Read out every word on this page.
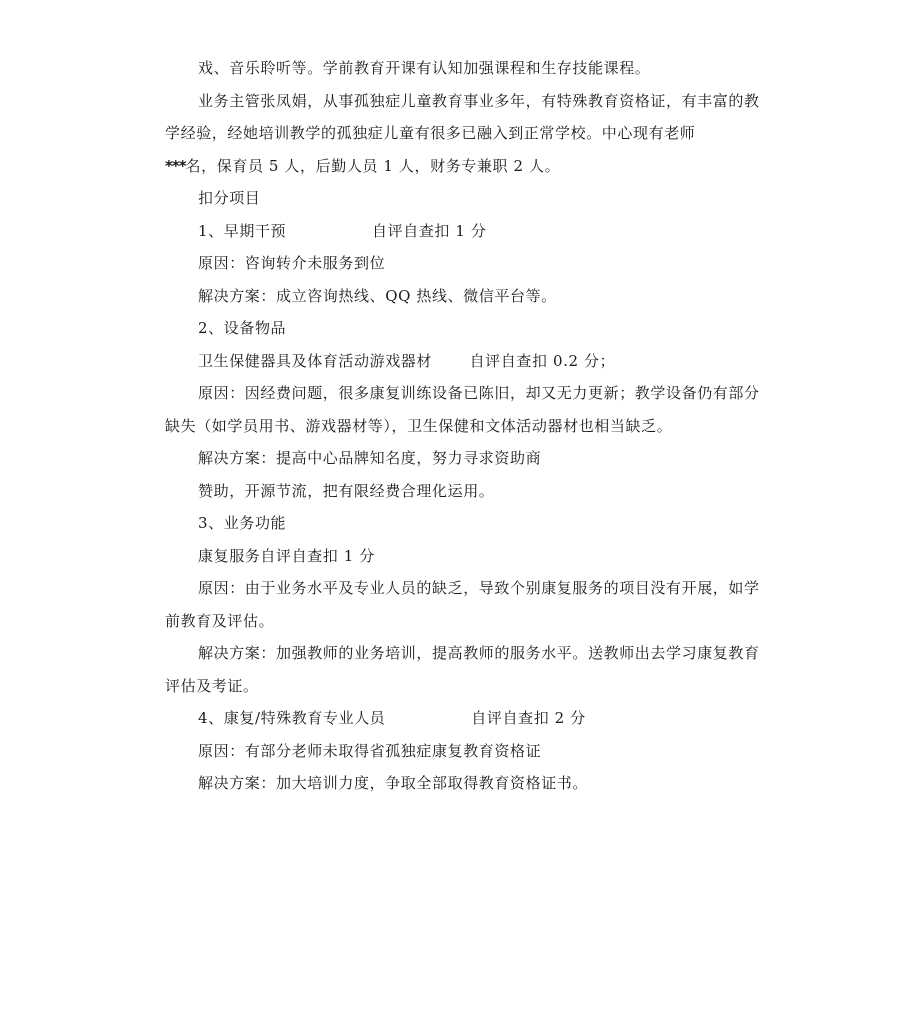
戏、音乐聆听等。学前教育开课有认知加强课程和生存技能课程。

业务主管张凤娟，从事孤独症儿童教育事业多年，有特殊教育资格证，有丰富的教学经验，经她培训教学的孤独症儿童有很多已融入到正常学校。中心现有老师

***名，保育员 5 人，后勤人员 1 人，财务专兼职 2 人。

扣分项目

1、早期干预                自评自查扣 1 分

原因：咨询转介未服务到位

解决方案：成立咨询热线、QQ 热线、微信平台等。

2、设备物品

卫生保健器具及体育活动游戏器材       自评自查扣 0.2 分；

原因：因经费问题，很多康复训练设备已陈旧，却又无力更新；教学设备仍有部分缺失（如学员用书、游戏器材等），卫生保健和文体活动器材也相当缺乏。

解决方案：提高中心品牌知名度，努力寻求资助商

赞助，开源节流，把有限经费合理化运用。

3、业务功能

康复服务自评自查扣 1 分

原因：由于业务水平及专业人员的缺乏，导致个别康复服务的项目没有开展，如学前教育及评估。

解决方案：加强教师的业务培训，提高教师的服务水平。送教师出去学习康复教育评估及考证。

4、康复/特殊教育专业人员                自评自查扣 2 分

原因：有部分老师未取得省孤独症康复教育资格证

解决方案：加大培训力度，争取全部取得教育资格证书。
